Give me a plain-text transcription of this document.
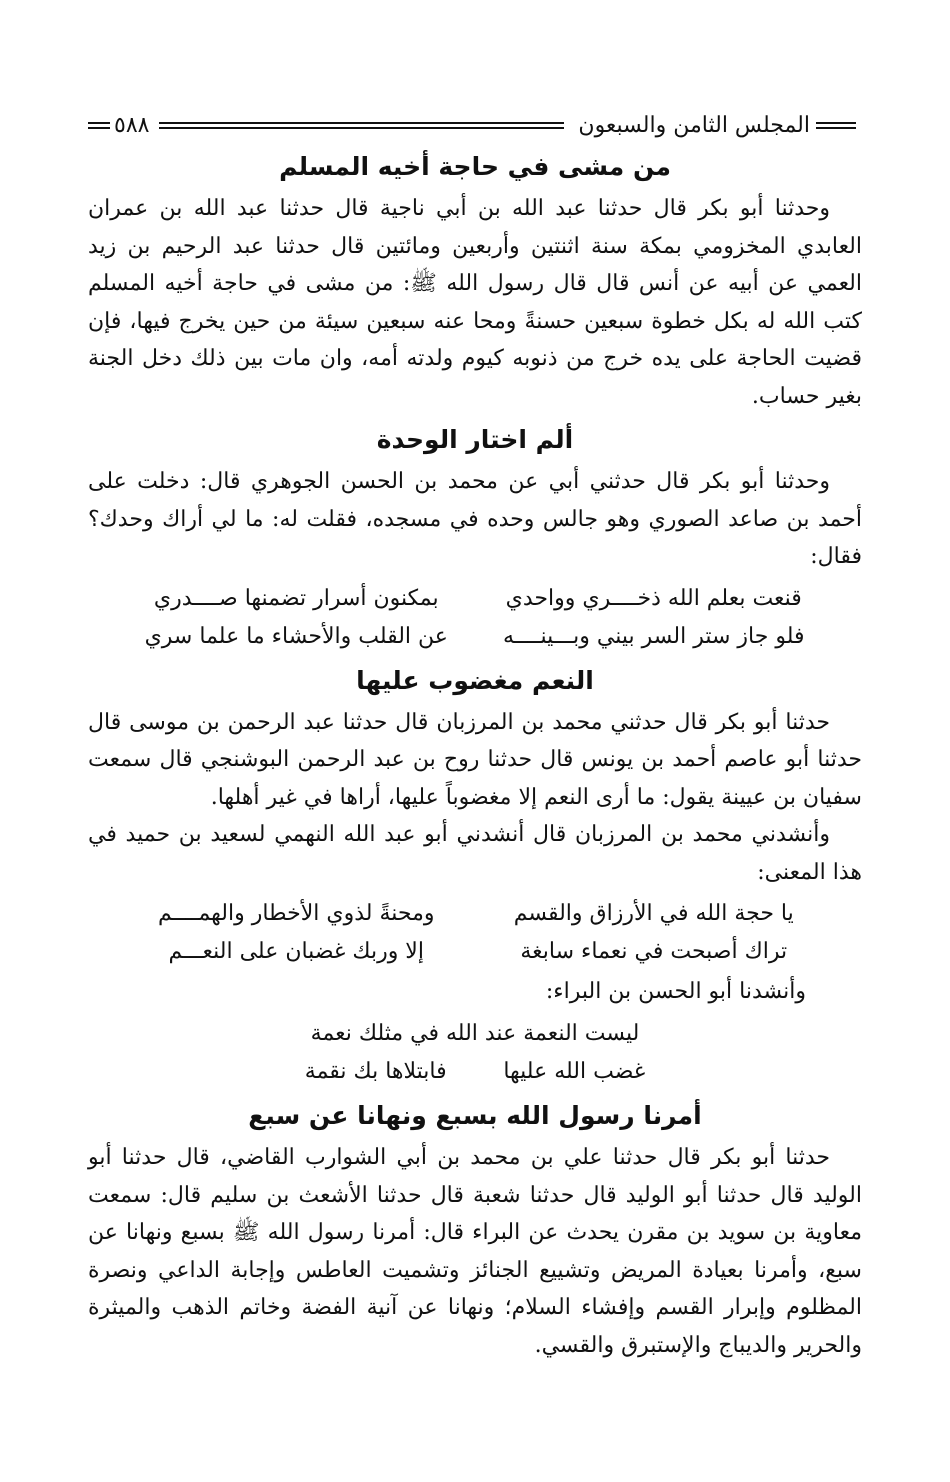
المجلس الثامن والسبعون
٥٨٨
من مشى في حاجة أخيه المسلم

وحدثنا أبو بكر قال حدثنا عبد الله بن أبي ناجية قال حدثنا عبد الله بن عمران العابدي المخزومي بمكة سنة اثنتين وأربعين ومائتين قال حدثنا عبد الرحيم بن زيد العمي عن أبيه عن أنس قال قال رسول الله ﷺ: من مشى في حاجة أخيه المسلم كتب الله له بكل خطوة سبعين حسنةً ومحا عنه سبعين سيئة من حين يخرج فيها، فإن قضيت الحاجة على يده خرج من ذنوبه كيوم ولدته أمه، وان مات بين ذلك دخل الجنة بغير حساب.

ألم اختار الوحدة

وحدثنا أبو بكر قال حدثني أبي عن محمد بن الحسن الجوهري قال: دخلت على أحمد بن صاعد الصوري وهو جالس وحده في مسجده، فقلت له: ما لي أراك وحدك؟ فقال:

قنعت بعلم الله ذخــــري وواحدي
بمكنون أسرار تضمنها صــــدري
فلو جاز ستر السر بيني وبـــينــــه
عن القلب والأحشاء ما علما سري
النعم مغضوب عليها

حدثنا أبو بكر قال حدثني محمد بن المرزبان قال حدثنا عبد الرحمن بن موسى قال حدثنا أبو عاصم أحمد بن يونس قال حدثنا روح بن عبد الرحمن البوشنجي قال سمعت سفيان بن عيينة يقول: ما أرى النعم إلا مغضوباً عليها، أراها في غير أهلها.

وأنشدني محمد بن المرزبان قال أنشدني أبو عبد الله النهمي لسعيد بن حميد في هذا المعنى:

يا حجة الله في الأرزاق والقسم
ومحنةً لذوي الأخطار والهمــــم
تراك أصبحت في نعماء سابغة
إلا وربك غضبان على النعـــم
وأنشدنا أبو الحسن بن البراء:
ليست النعمة عند الله في مثلك نعمة
غضب الله عليها
فابتلاها بك نقمة
أمرنا رسول الله بسبع ونهانا عن سبع

حدثنا أبو بكر قال حدثنا علي بن محمد بن أبي الشوارب القاضي، قال حدثنا أبو الوليد قال حدثنا أبو الوليد قال حدثنا شعبة قال حدثنا الأشعث بن سليم قال: سمعت معاوية بن سويد بن مقرن يحدث عن البراء قال: أمرنا رسول الله ﷺ بسبع ونهانا عن سبع، وأمرنا بعيادة المريض وتشييع الجنائز وتشميت العاطس وإجابة الداعي ونصرة المظلوم وإبرار القسم وإفشاء السلام؛ ونهانا عن آنية الفضة وخاتم الذهب والميثرة والحرير والديباج والإستبرق والقسي.
